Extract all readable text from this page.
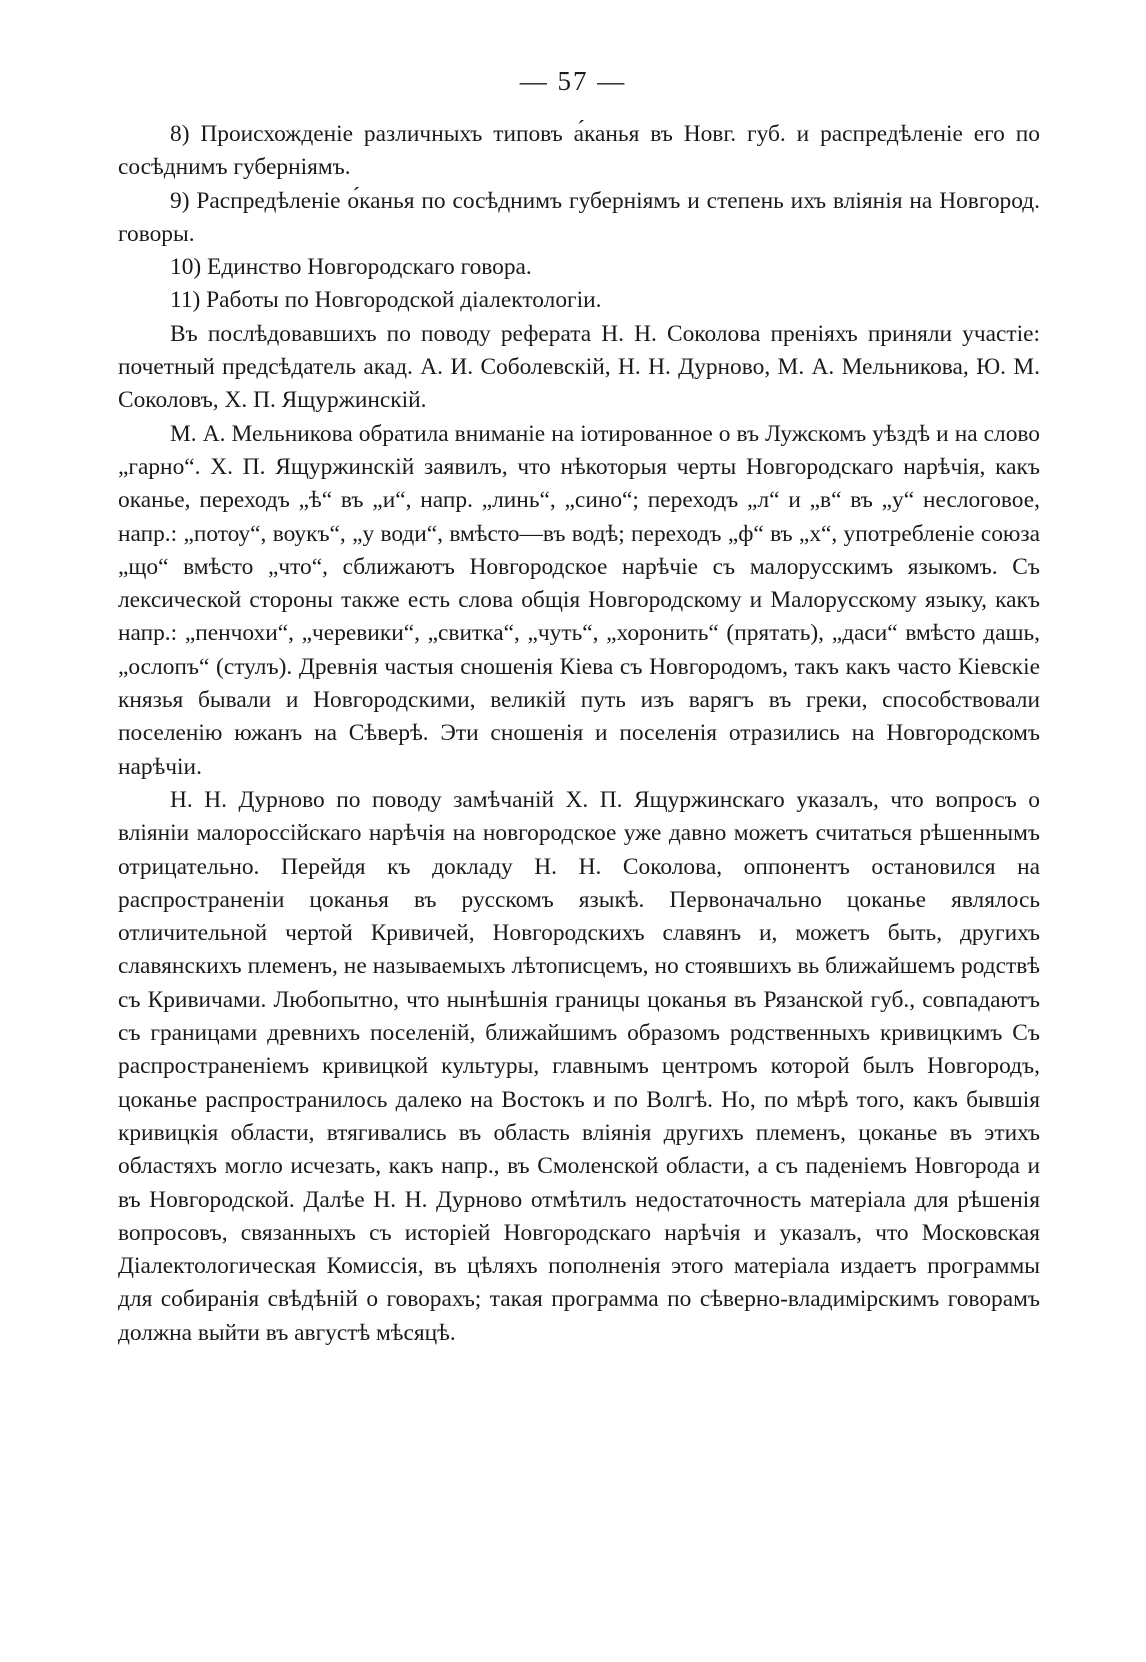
— 57 —

8) Происхожденiе различныхъ типовъ а́канья въ Новг. губ. и распредѣленiе его по сосѣднимъ губернiямъ.

9) Распредѣленiе о́канья по сосѣднимъ губернiямъ и степень ихъ влiянiя на Новгород. говоры.

10) Единство Новгородскаго говора.

11) Работы по Новгородской дiалектологiи.

Въ послѣдовавшихъ по поводу реферата Н. Н. Соколова пренiяхъ приняли участiе: почетный предсѣдатель акад. А. И. Соболевскiй, Н. Н. Дурново, М. А. Мельникова, Ю. М. Соколовъ, Х. П. Ящуржинскiй.

М. А. Мельникова обратила вниманiе на iотированное о въ Лужскомъ уѣздѣ и на слово „гарно“. Х. П. Ящуржинскiй заявилъ, что нѣкоторыя черты Новгородскаго нарѣчiя, какъ оканье, переходъ „ѣ“ въ „и“, напр. „линь“, „сино“; переходъ „л“ и „в“ въ „у“ неслоговое, напр.: „потоу“, воукъ“, „у води“, вмѣсто—въ водѣ; переходъ „ф“ въ „х“, употребленiе союза „що“ вмѣсто „что“, сближаютъ Новгородское нарѣчiе съ малорусскимъ языкомъ. Съ лексической стороны также есть слова общiя Новгородскому и Малорусскому языку, какъ напр.: „пенчохи“, „черевики“, „свитка“, „чуть“, „хоронить“ (прятать), „даси“ вмѣсто дашь, „ослопъ“ (стулъ). Древнiя частыя сношенiя Кiева съ Новгородомъ, такъ какъ часто Кiевскiе князья бывали и Новгородскими, великiй путь изъ варягъ въ греки, способствовали поселенiю южанъ на Сѣверѣ. Эти сношенiя и поселенiя отразились на Новгородскомъ нарѣчiи.

Н. Н. Дурново по поводу замѣчанiй Х. П. Ящуржинскаго указалъ, что вопросъ о влiянiи малороссiйскаго нарѣчiя на новгородское уже давно можетъ считаться рѣшеннымъ отрицательно. Перейдя къ докладу Н. Н. Соколова, оппонентъ остановился на распространенiи цоканья въ русскомъ языкѣ. Первоначально цоканье являлось отличительной чертой Кривичей, Новгородскихъ славянъ и, можетъ быть, другихъ славянскихъ племенъ, не называемыхъ лѣтописцемъ, но стоявшихъ вь ближайшемъ родствѣ съ Кривичами. Любопытно, что нынѣшнiя границы цоканья въ Рязанской губ., совпадаютъ съ границами древнихъ поселенiй, ближайшимъ образомъ родственныхъ кривицкимъ Съ распространенiемъ кривицкой культуры, главнымъ центромъ которой былъ Новгородъ, цоканье распространилось далеко на Востокъ и по Волгѣ. Но, по мѣрѣ того, какъ бывшiя кривицкiя области, втягивались въ область влiянiя другихъ племенъ, цоканье въ этихъ областяхъ могло исчезать, какъ напр., въ Смоленской области, а съ паденiемъ Новгорода и въ Новгородской. Далѣе Н. Н. Дурново отмѣтилъ недостаточность матерiала для рѣшенiя вопросовъ, связанныхъ съ исторiей Новгородскаго нарѣчiя и указалъ, что Московская Дiалектологическая Комиссiя, въ цѣляхъ пополненiя этого матерiала издаетъ программы для собиранiя свѣдѣнiй о говорахъ; такая программа по сѣверно-владимiрскимъ говорамъ должна выйти въ августѣ мѣсяцѣ.
